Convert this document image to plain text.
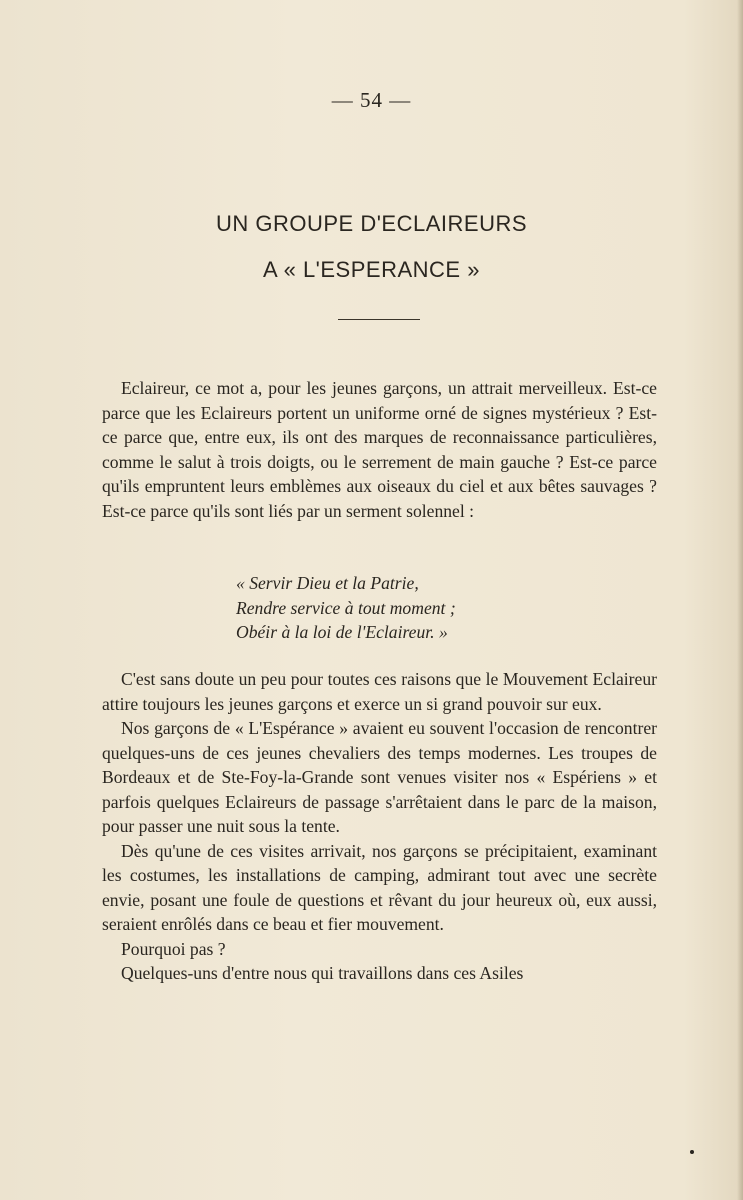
— 54 —
UN GROUPE D'ECLAIREURS
A « L'ESPERANCE »

Eclaireur, ce mot a, pour les jeunes garçons, un attrait merveilleux. Est-ce parce que les Eclaireurs portent un uniforme orné de signes mystérieux ? Est-ce parce que, entre eux, ils ont des marques de reconnaissance particulières, comme le salut à trois doigts, ou le serrement de main gauche ? Est-ce parce qu'ils empruntent leurs emblèmes aux oiseaux du ciel et aux bêtes sauvages ? Est-ce parce qu'ils sont liés par un serment solennel :

« Servir Dieu et la Patrie,
Rendre service à tout moment ;
Obéir à la loi de l'Eclaireur. »

C'est sans doute un peu pour toutes ces raisons que le Mouvement Eclaireur attire toujours les jeunes garçons et exerce un si grand pouvoir sur eux.

Nos garçons de « L'Espérance » avaient eu souvent l'occasion de rencontrer quelques-uns de ces jeunes chevaliers des temps modernes. Les troupes de Bordeaux et de Ste-Foy-la-Grande sont venues visiter nos « Espériens » et parfois quelques Eclaireurs de passage s'arrêtaient dans le parc de la maison, pour passer une nuit sous la tente.

Dès qu'une de ces visites arrivait, nos garçons se précipitaient, examinant les costumes, les installations de camping, admirant tout avec une secrète envie, posant une foule de questions et rêvant du jour heureux où, eux aussi, seraient enrôlés dans ce beau et fier mouvement.

Pourquoi pas ?

Quelques-uns d'entre nous qui travaillons dans ces Asiles
